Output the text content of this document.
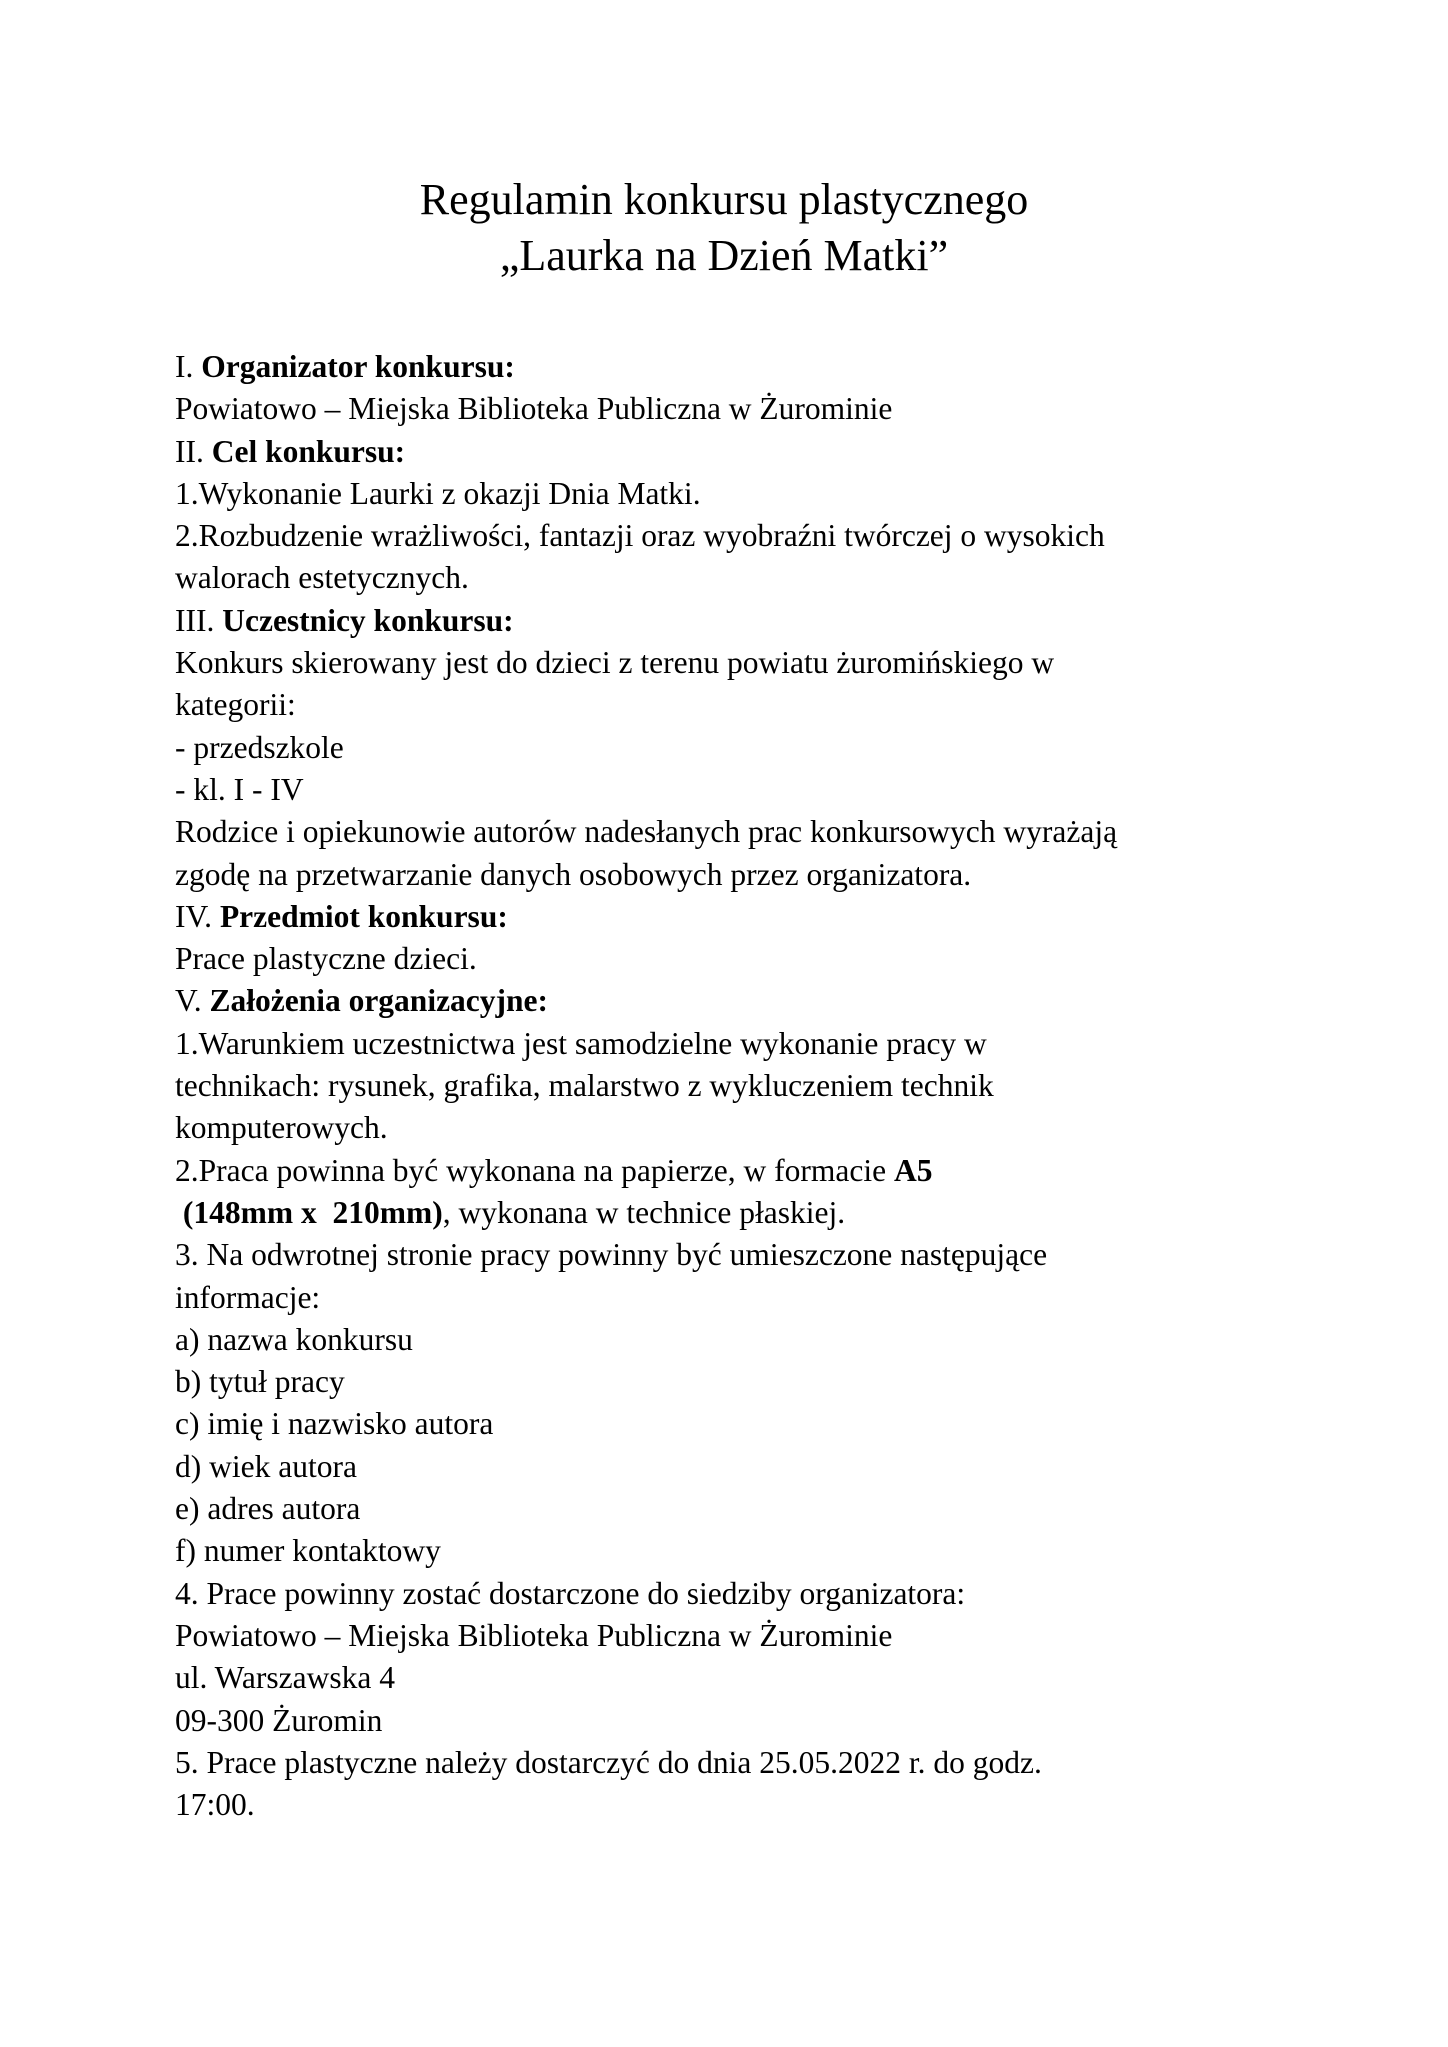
Regulamin konkursu plastycznego
„Laurka na Dzień Matki”
I. Organizator konkursu:
Powiatowo – Miejska Biblioteka Publiczna w Żurominie
II. Cel konkursu:
1.Wykonanie Laurki z okazji Dnia Matki.
2.Rozbudzenie wrażliwości, fantazji oraz wyobraźni twórczej o wysokich
walorach estetycznych.
III. Uczestnicy konkursu:
Konkurs skierowany jest do dzieci z terenu powiatu żuromińskiego w
kategorii:
- przedszkole
- kl. I - IV
Rodzice i opiekunowie autorów nadesłanych prac konkursowych wyrażają
zgodę na przetwarzanie danych osobowych przez organizatora.
IV. Przedmiot konkursu:
Prace plastyczne dzieci.
V. Założenia organizacyjne:
1.Warunkiem uczestnictwa jest samodzielne wykonanie pracy w
technikach: rysunek, grafika, malarstwo z wykluczeniem technik
komputerowych.
2.Praca powinna być wykonana na papierze, w formacie A5
(148mm x  210mm), wykonana w technice płaskiej.
3. Na odwrotnej stronie pracy powinny być umieszczone następujące
informacje:
a) nazwa konkursu
b) tytuł pracy
c) imię i nazwisko autora
d) wiek autora
e) adres autora
f) numer kontaktowy
4. Prace powinny zostać dostarczone do siedziby organizatora:
Powiatowo – Miejska Biblioteka Publiczna w Żurominie
ul. Warszawska 4
09-300 Żuromin
5. Prace plastyczne należy dostarczyć do dnia 25.05.2022 r. do godz.
17:00.
